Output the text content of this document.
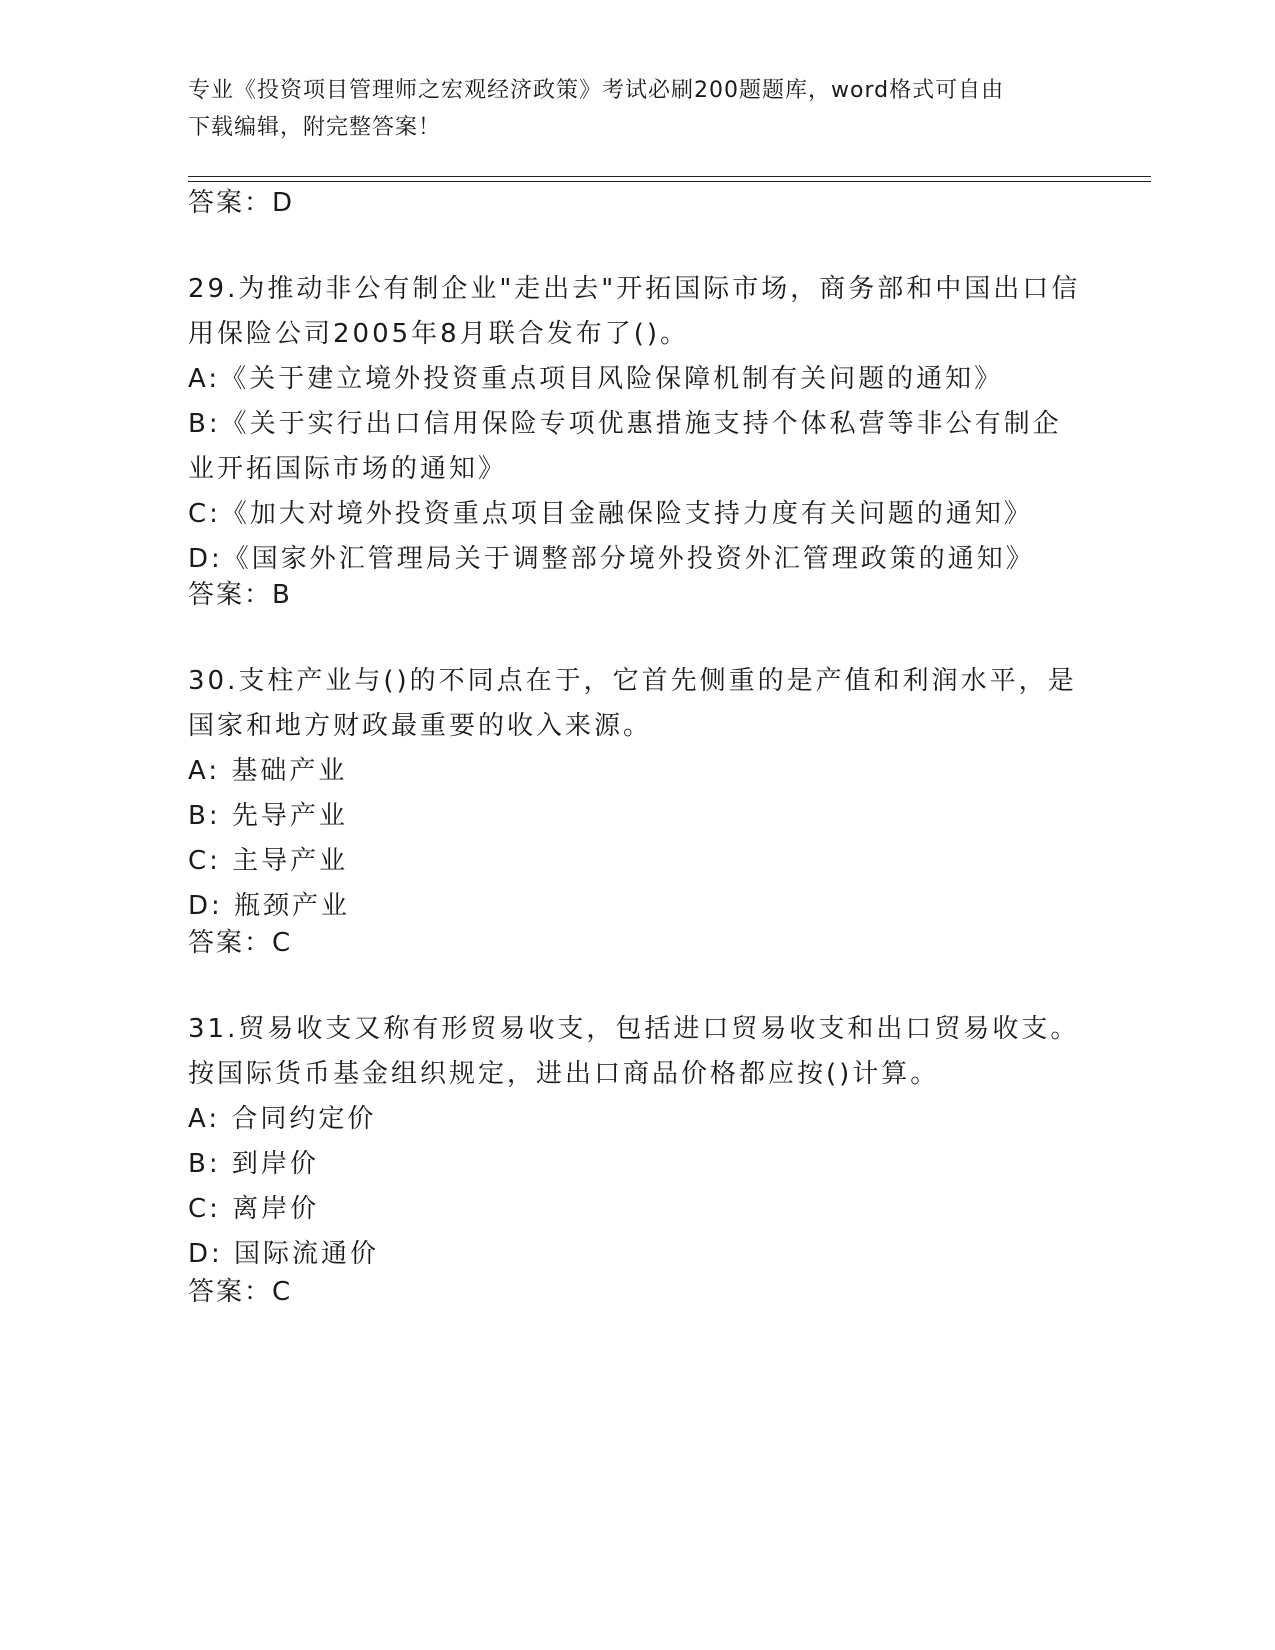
专业《投资项目管理师之宏观经济政策》考试必刷200题题库，word格式可自由
下载编辑，附完整答案！
答案：D

29.为推动非公有制企业"走出去"开拓国际市场，商务部和中国出口信

用保险公司2005年8月联合发布了()。

A:《关于建立境外投资重点项目风险保障机制有关问题的通知》

B:《关于实行出口信用保险专项优惠措施支持个体私营等非公有制企

业开拓国际市场的通知》

C:《加大对境外投资重点项目金融保险支持力度有关问题的通知》

D:《国家外汇管理局关于调整部分境外投资外汇管理政策的通知》

答案：B

30.支柱产业与()的不同点在于，它首先侧重的是产值和利润水平，是

国家和地方财政最重要的收入来源。

A: 基础产业

B: 先导产业

C: 主导产业

D: 瓶颈产业

答案：C

31.贸易收支又称有形贸易收支，包括进口贸易收支和出口贸易收支。

按国际货币基金组织规定，进出口商品价格都应按()计算。

A: 合同约定价

B: 到岸价

C: 离岸价

D: 国际流通价

答案：C
